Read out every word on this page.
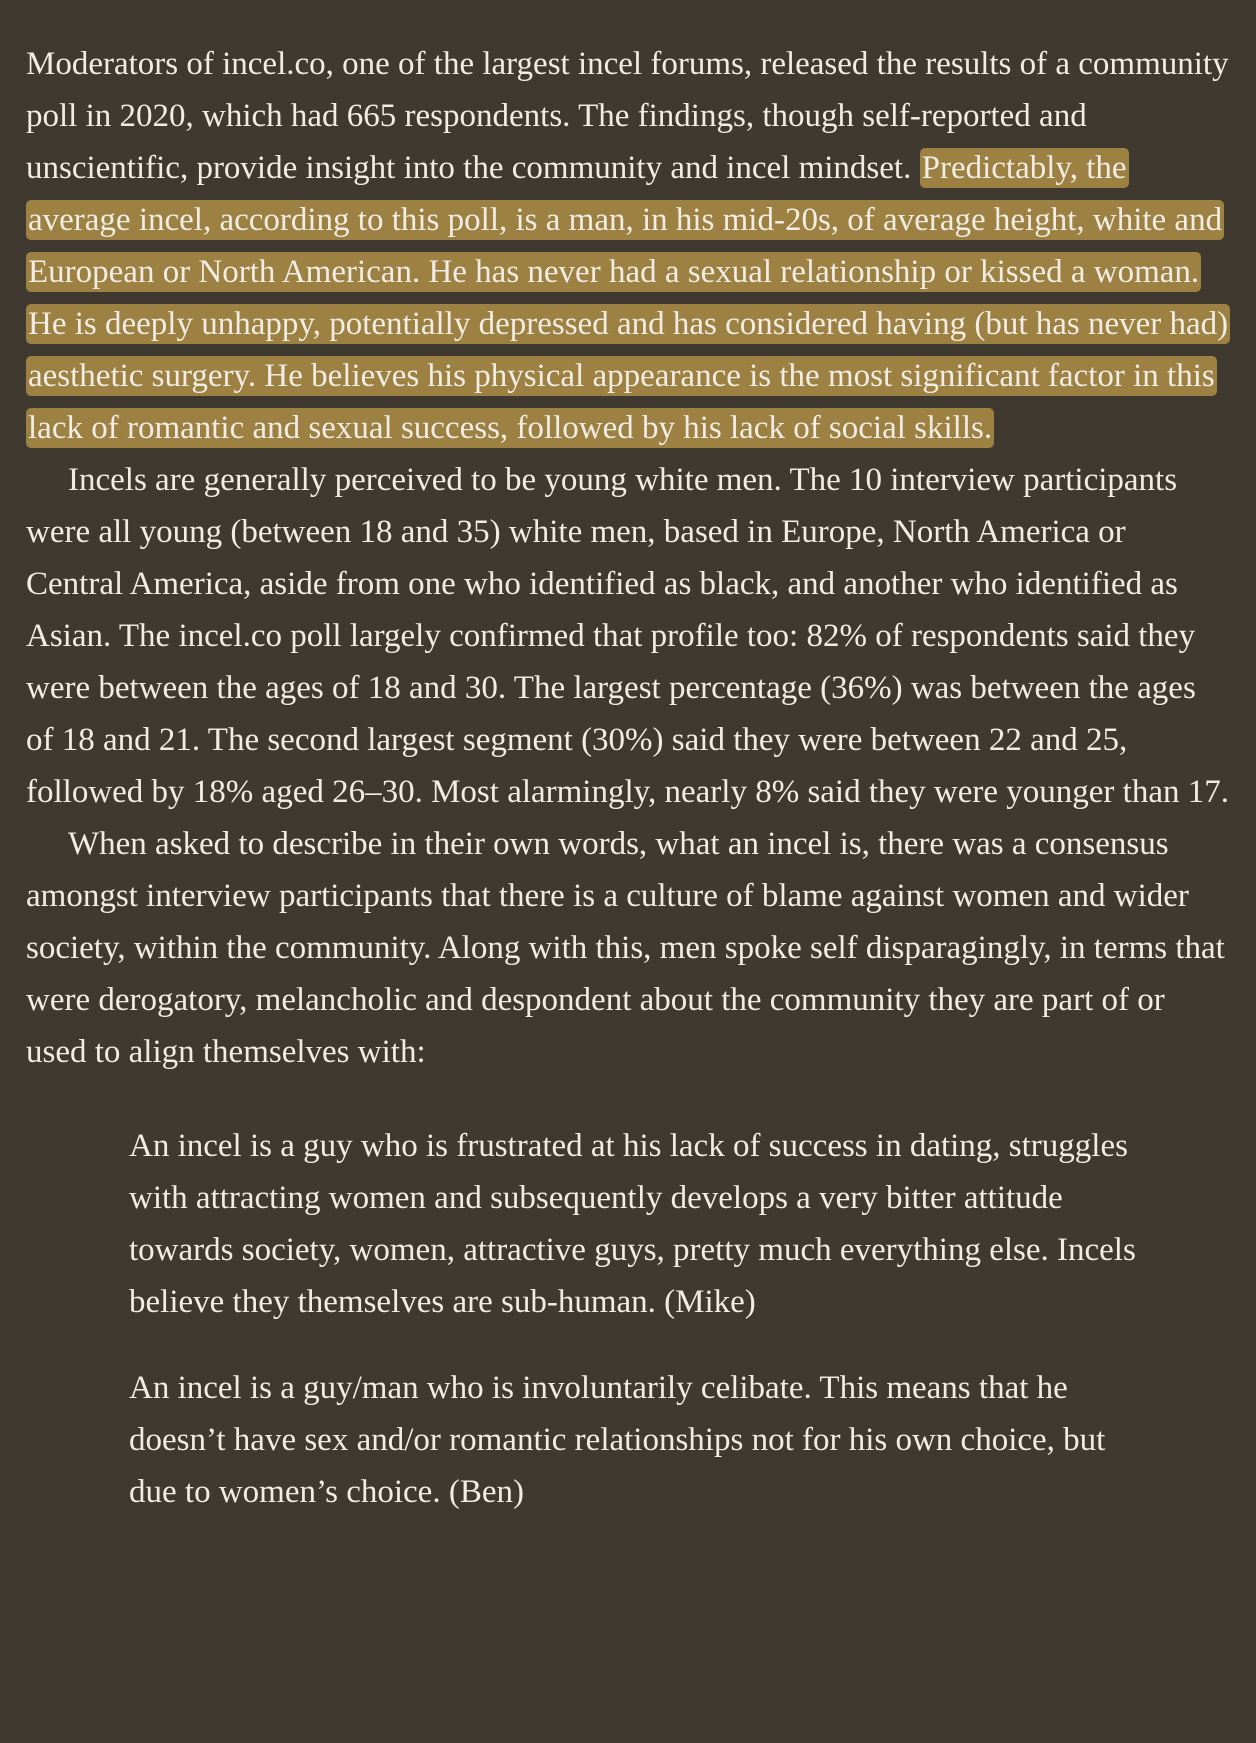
Moderators of incel.co, one of the largest incel forums, released the results of a community poll in 2020, which had 665 respondents. The findings, though self-reported and unscientific, provide insight into the community and incel mindset. Predictably, the average incel, according to this poll, is a man, in his mid-20s, of average height, white and European or North American. He has never had a sexual relationship or kissed a woman. He is deeply unhappy, potentially depressed and has considered having (but has never had) aesthetic surgery. He believes his physical appearance is the most significant factor in this lack of romantic and sexual success, followed by his lack of social skills.

Incels are generally perceived to be young white men. The 10 interview participants were all young (between 18 and 35) white men, based in Europe, North America or Central America, aside from one who identified as black, and another who identified as Asian. The incel.co poll largely confirmed that profile too: 82% of respondents said they were between the ages of 18 and 30. The largest percentage (36%) was between the ages of 18 and 21. The second largest segment (30%) said they were between 22 and 25, followed by 18% aged 26–30. Most alarmingly, nearly 8% said they were younger than 17.

When asked to describe in their own words, what an incel is, there was a consensus amongst interview participants that there is a culture of blame against women and wider society, within the community. Along with this, men spoke self disparagingly, in terms that were derogatory, melancholic and despondent about the community they are part of or used to align themselves with:

An incel is a guy who is frustrated at his lack of success in dating, struggles with attracting women and subsequently develops a very bitter attitude towards society, women, attractive guys, pretty much everything else. Incels believe they themselves are sub-human. (Mike)

An incel is a guy/man who is involuntarily celibate. This means that he doesn’t have sex and/or romantic relationships not for his own choice, but due to women’s choice. (Ben)
